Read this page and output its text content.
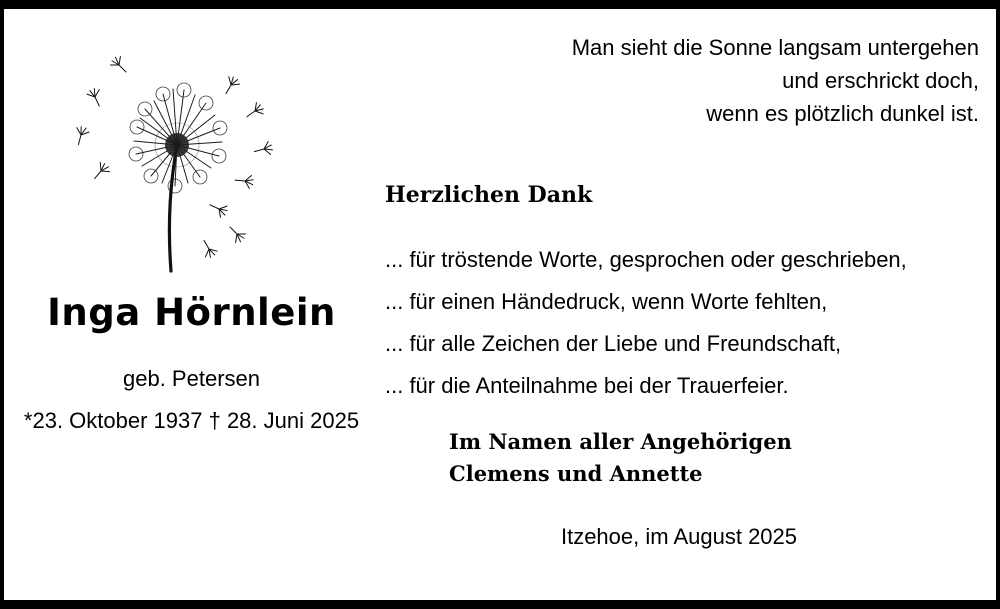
Inga Hörnlein
geb. Petersen
*23. Oktober 1937 † 28. Juni 2025
Man sieht die Sonne langsam untergehen
und erschrickt doch,
wenn es plötzlich dunkel ist.
Herzlichen Dank
... für tröstende Worte, gesprochen oder geschrieben,
... für einen Händedruck, wenn Worte fehlten,
... für alle Zeichen der Liebe und Freundschaft,
... für die Anteilnahme bei der Trauerfeier.
Im Namen aller Angehörigen
Clemens und Annette
Itzehoe, im August 2025
